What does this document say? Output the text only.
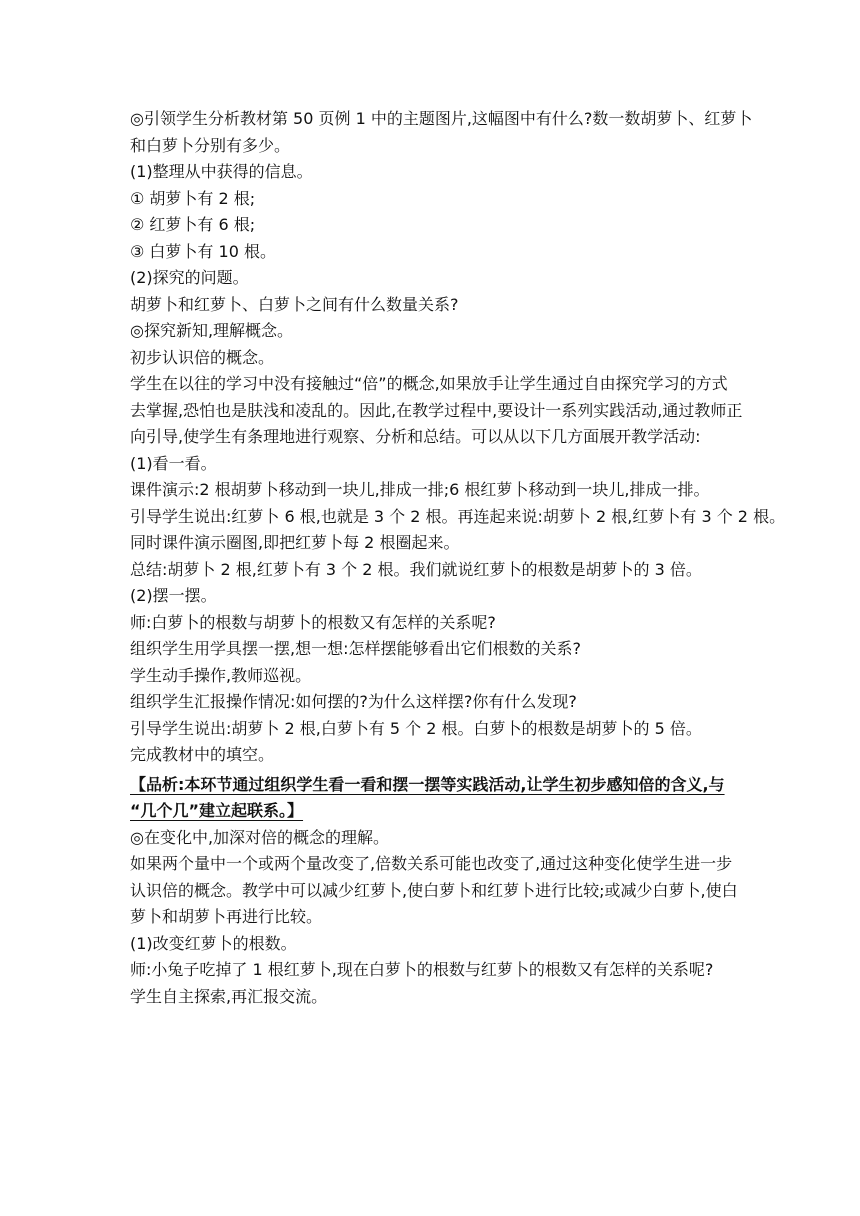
◎引领学生分析教材第 50 页例 1 中的主题图片,这幅图中有什么?数一数胡萝卜、红萝卜
和白萝卜分别有多少。
(1)整理从中获得的信息。
① 胡萝卜有 2 根;
② 红萝卜有 6 根;
③ 白萝卜有 10 根。
(2)探究的问题。
胡萝卜和红萝卜、白萝卜之间有什么数量关系?
◎探究新知,理解概念。
初步认识倍的概念。
学生在以往的学习中没有接触过“倍”的概念,如果放手让学生通过自由探究学习的方式
去掌握,恐怕也是肤浅和凌乱的。因此,在教学过程中,要设计一系列实践活动,通过教师正
向引导,使学生有条理地进行观察、分析和总结。可以从以下几方面展开教学活动:
(1)看一看。
课件演示:2 根胡萝卜移动到一块儿,排成一排;6 根红萝卜移动到一块儿,排成一排。
引导学生说出:红萝卜 6 根,也就是 3 个 2 根。再连起来说:胡萝卜 2 根,红萝卜有 3 个 2 根。
同时课件演示圈图,即把红萝卜每 2 根圈起来。
总结:胡萝卜 2 根,红萝卜有 3 个 2 根。我们就说红萝卜的根数是胡萝卜的 3 倍。
(2)摆一摆。
师:白萝卜的根数与胡萝卜的根数又有怎样的关系呢?
组织学生用学具摆一摆,想一想:怎样摆能够看出它们根数的关系?
学生动手操作,教师巡视。
组织学生汇报操作情况:如何摆的?为什么这样摆?你有什么发现?
引导学生说出:胡萝卜 2 根,白萝卜有 5 个 2 根。白萝卜的根数是胡萝卜的 5 倍。
完成教材中的填空。
【品析:本环节通过组织学生看一看和摆一摆等实践活动,让学生初步感知倍的含义,与
“几个几”建立起联系。】
◎在变化中,加深对倍的概念的理解。
如果两个量中一个或两个量改变了,倍数关系可能也改变了,通过这种变化使学生进一步
认识倍的概念。教学中可以减少红萝卜,使白萝卜和红萝卜进行比较;或减少白萝卜,使白
萝卜和胡萝卜再进行比较。
(1)改变红萝卜的根数。
师:小兔子吃掉了 1 根红萝卜,现在白萝卜的根数与红萝卜的根数又有怎样的关系呢?
学生自主探索,再汇报交流。
